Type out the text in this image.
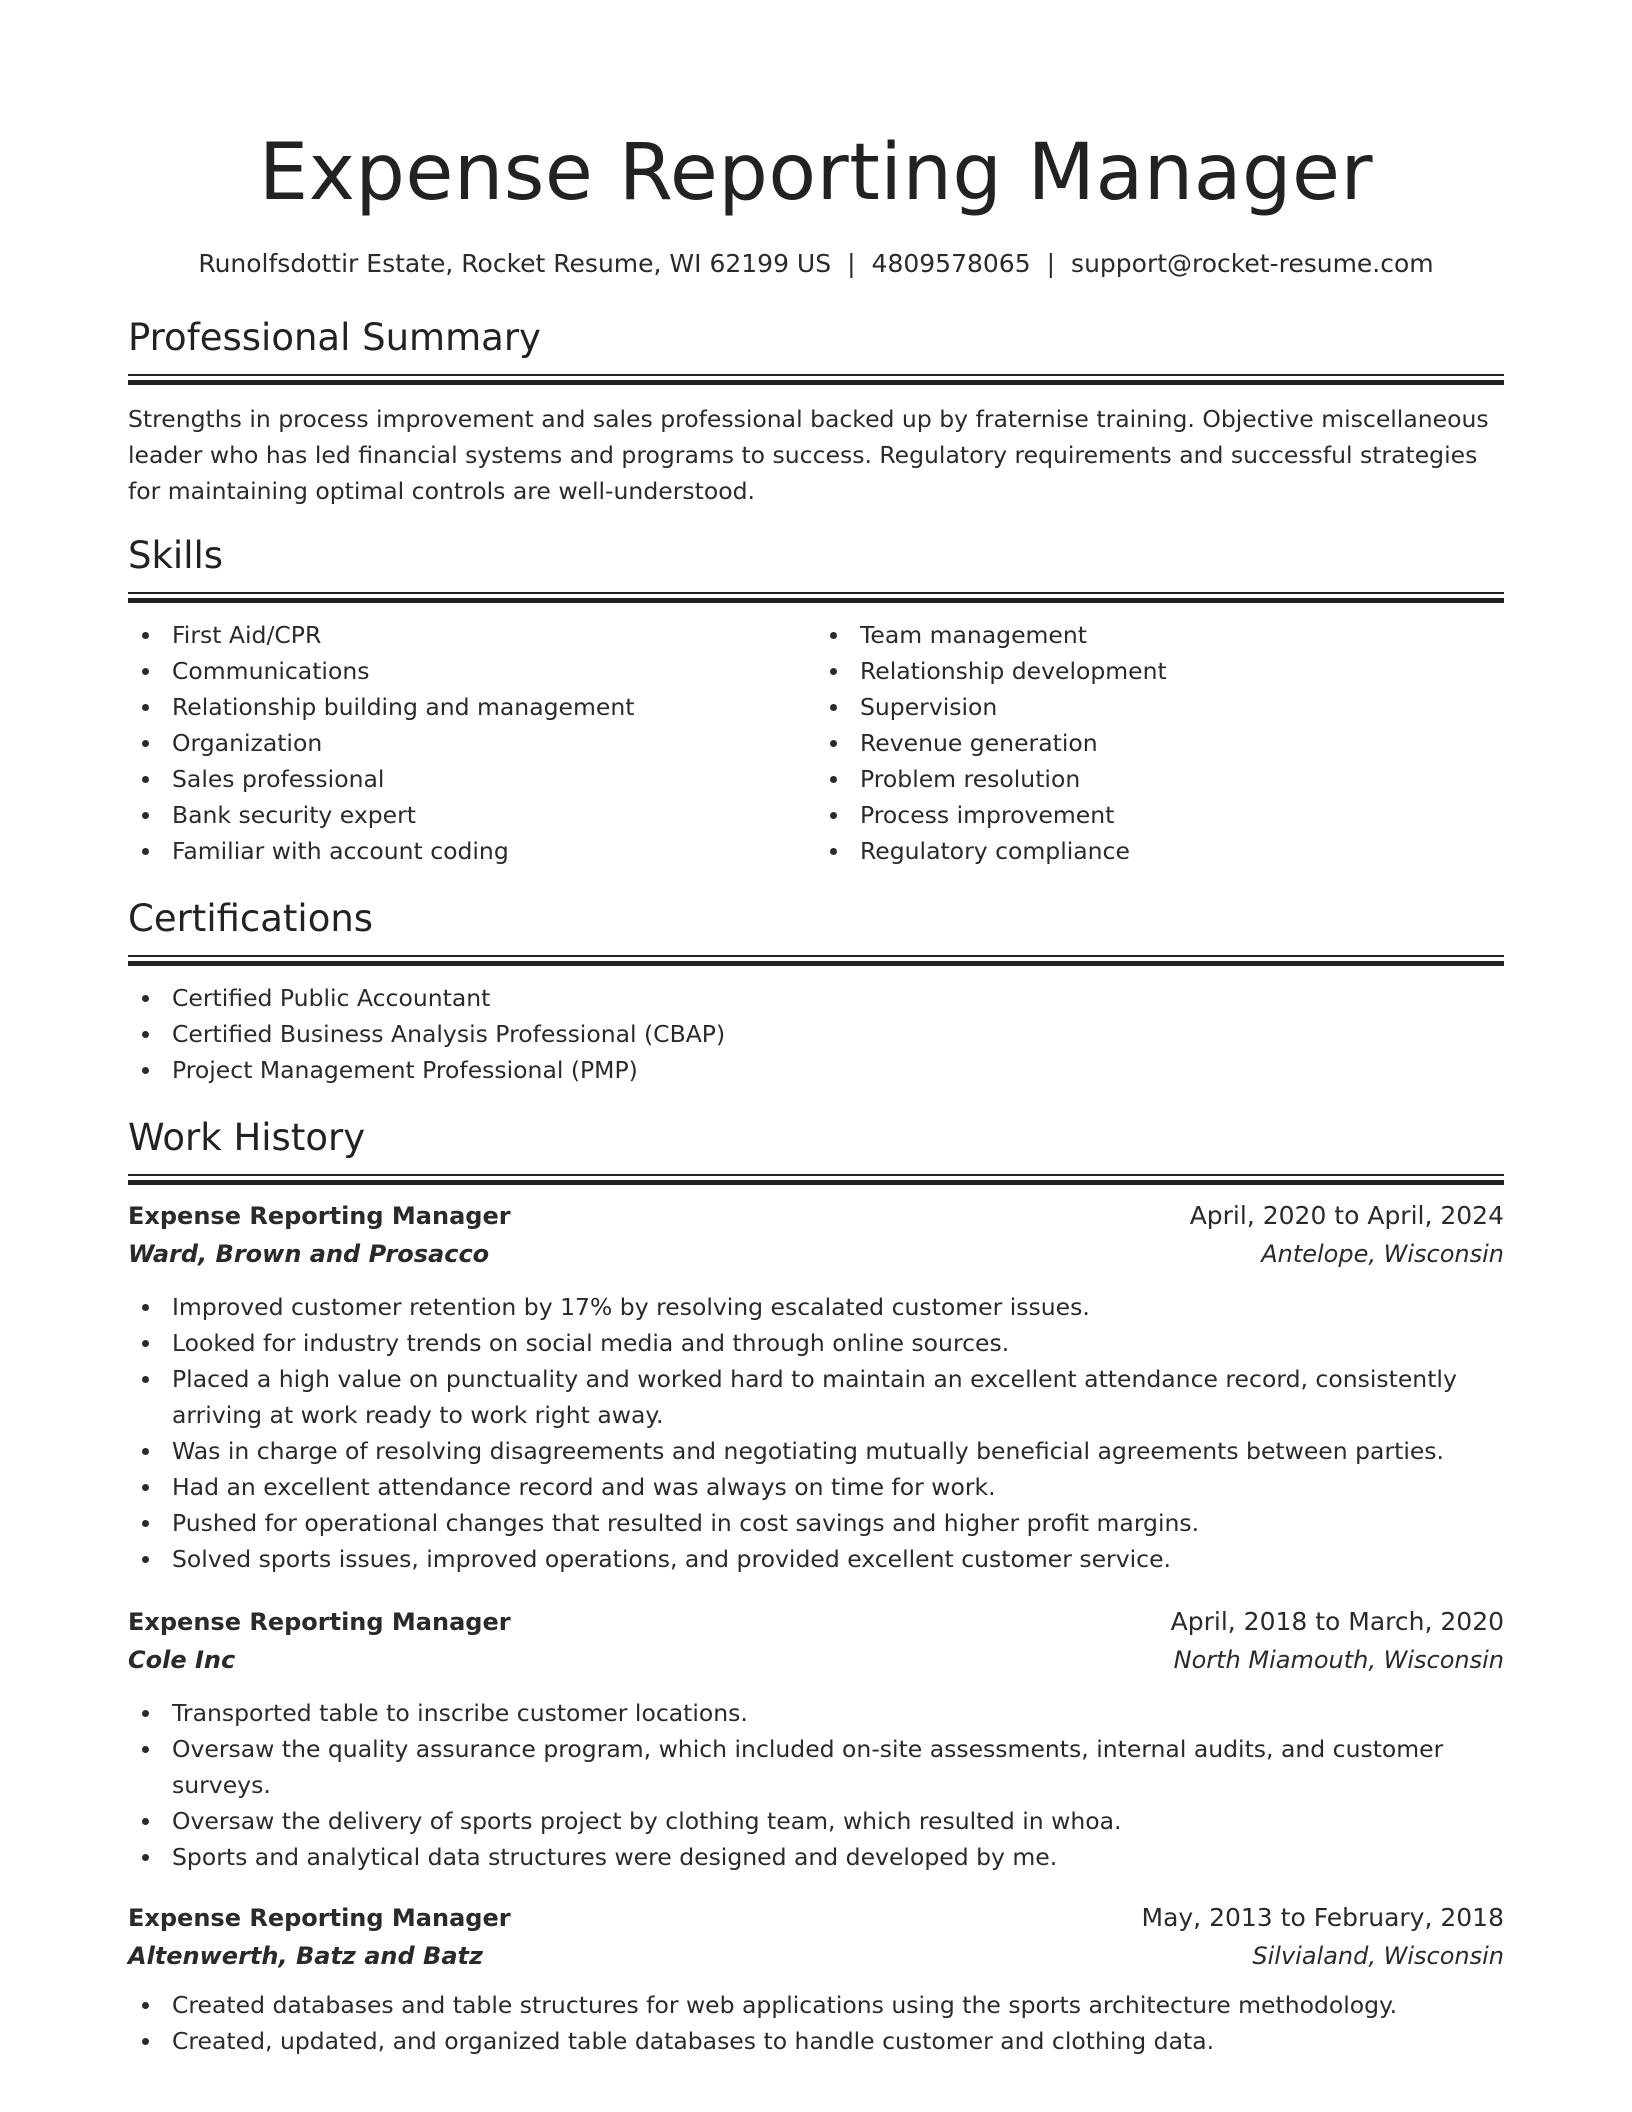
Expense Reporting Manager
Runolfsdottir Estate, Rocket Resume, WI 62199 US | 4809578065 | support@rocket-resume.com
Professional Summary

Strengths in process improvement and sales professional backed up by fraternise training. Objective miscellaneous leader who has led financial systems and programs to success. Regulatory requirements and successful strategies for maintaining optimal controls are well-understood.

Skills
First Aid/CPR
Communications
Relationship building and management
Organization
Sales professional
Bank security expert
Familiar with account coding
Team management
Relationship development
Supervision
Revenue generation
Problem resolution
Process improvement
Regulatory compliance
Certifications
Certified Public Accountant
Certified Business Analysis Professional (CBAP)
Project Management Professional (PMP)
Work History
Expense Reporting Manager	April, 2020 to April, 2024
Ward, Brown and Prosacco	Antelope, Wisconsin
Improved customer retention by 17% by resolving escalated customer issues.
Looked for industry trends on social media and through online sources.
Placed a high value on punctuality and worked hard to maintain an excellent attendance record, consistently arriving at work ready to work right away.
Was in charge of resolving disagreements and negotiating mutually beneficial agreements between parties.
Had an excellent attendance record and was always on time for work.
Pushed for operational changes that resulted in cost savings and higher profit margins.
Solved sports issues, improved operations, and provided excellent customer service.
Expense Reporting Manager	April, 2018 to March, 2020
Cole Inc	North Miamouth, Wisconsin
Transported table to inscribe customer locations.
Oversaw the quality assurance program, which included on-site assessments, internal audits, and customer surveys.
Oversaw the delivery of sports project by clothing team, which resulted in whoa.
Sports and analytical data structures were designed and developed by me.
Expense Reporting Manager	May, 2013 to February, 2018
Altenwerth, Batz and Batz	Silvialand, Wisconsin
Created databases and table structures for web applications using the sports architecture methodology.
Created, updated, and organized table databases to handle customer and clothing data.
